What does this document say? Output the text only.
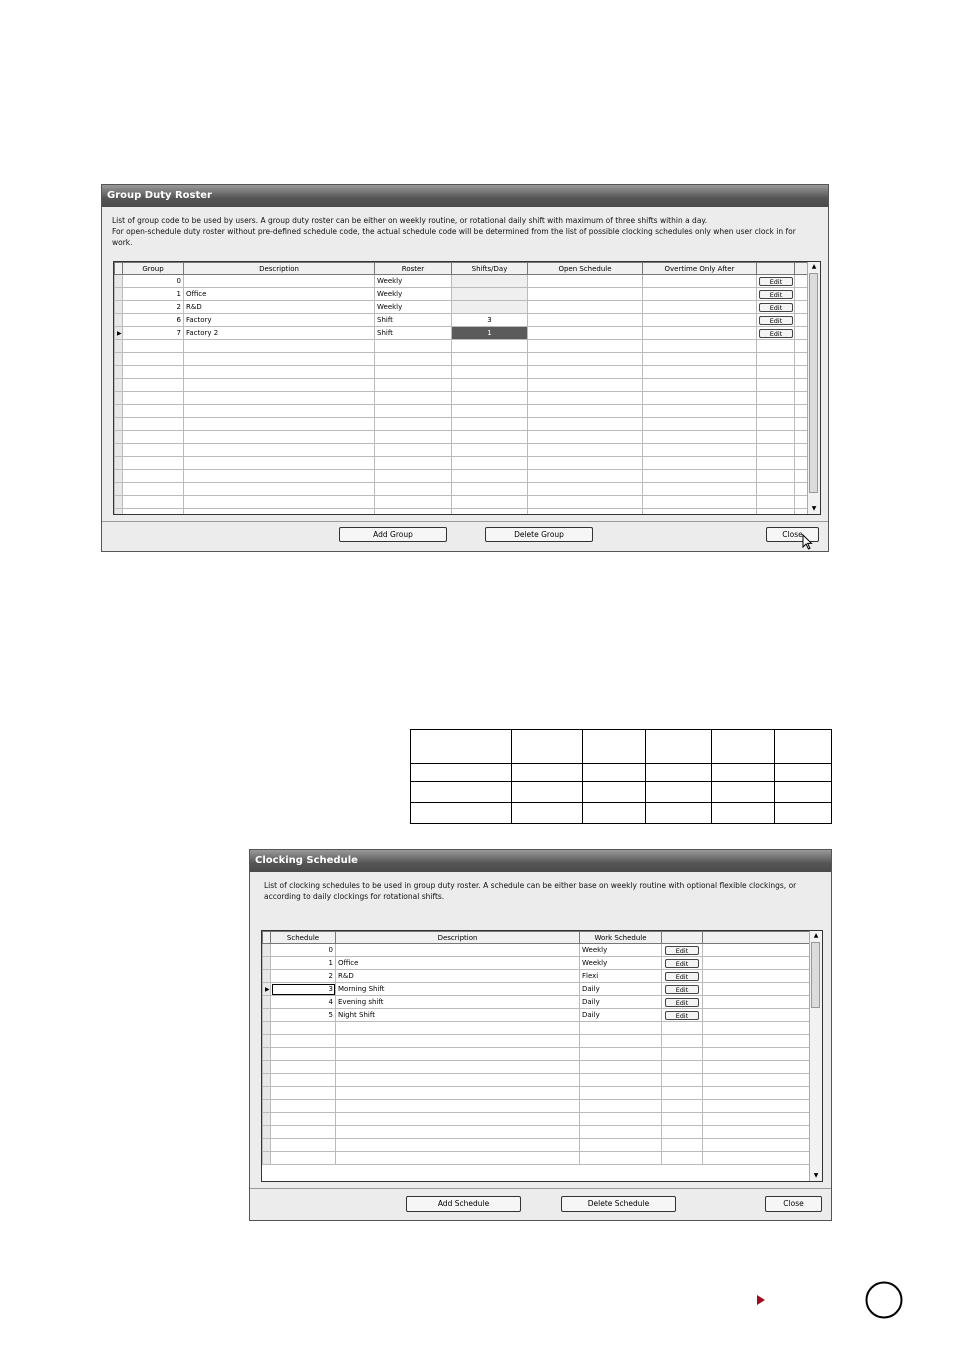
Group Duty Roster
List of group code to be used by users. A group duty roster can be either on weekly routine, or rotational daily shift with maximum of three shifts within a day.
For open-schedule duty roster without pre-defined schedule code, the actual schedule code will be determined from the list of possible clocking schedules only when user clock in for work.
	Group	Description	Roster	Shifts/Day	Open Schedule	Overtime Only After		
	0		Weekly				Edit	

	1	Office	Weekly				Edit	

	2	R&D	Weekly				Edit	

	6	Factory	Shift	3			Edit	

▶	7	Factory 2	Shift	1			Edit	

▲
▼
Add Group	Delete Group	Close

Clocking Schedule
List of clocking schedules to be used in group duty roster. A schedule can be either base on weekly routine with optional flexible clockings, or
according to daily clockings for rotational shifts.
	Schedule	Description	Work Schedule		
	0		Weekly	Edit	

	1	Office	Weekly	Edit	

	2	R&D	Flexi	Edit	

▶	3	Morning Shift	Daily	Edit	

	4	Evening shift	Daily	Edit	

	5	Night Shift	Daily	Edit	

▲
▼
Add Schedule	Delete Schedule	Close
